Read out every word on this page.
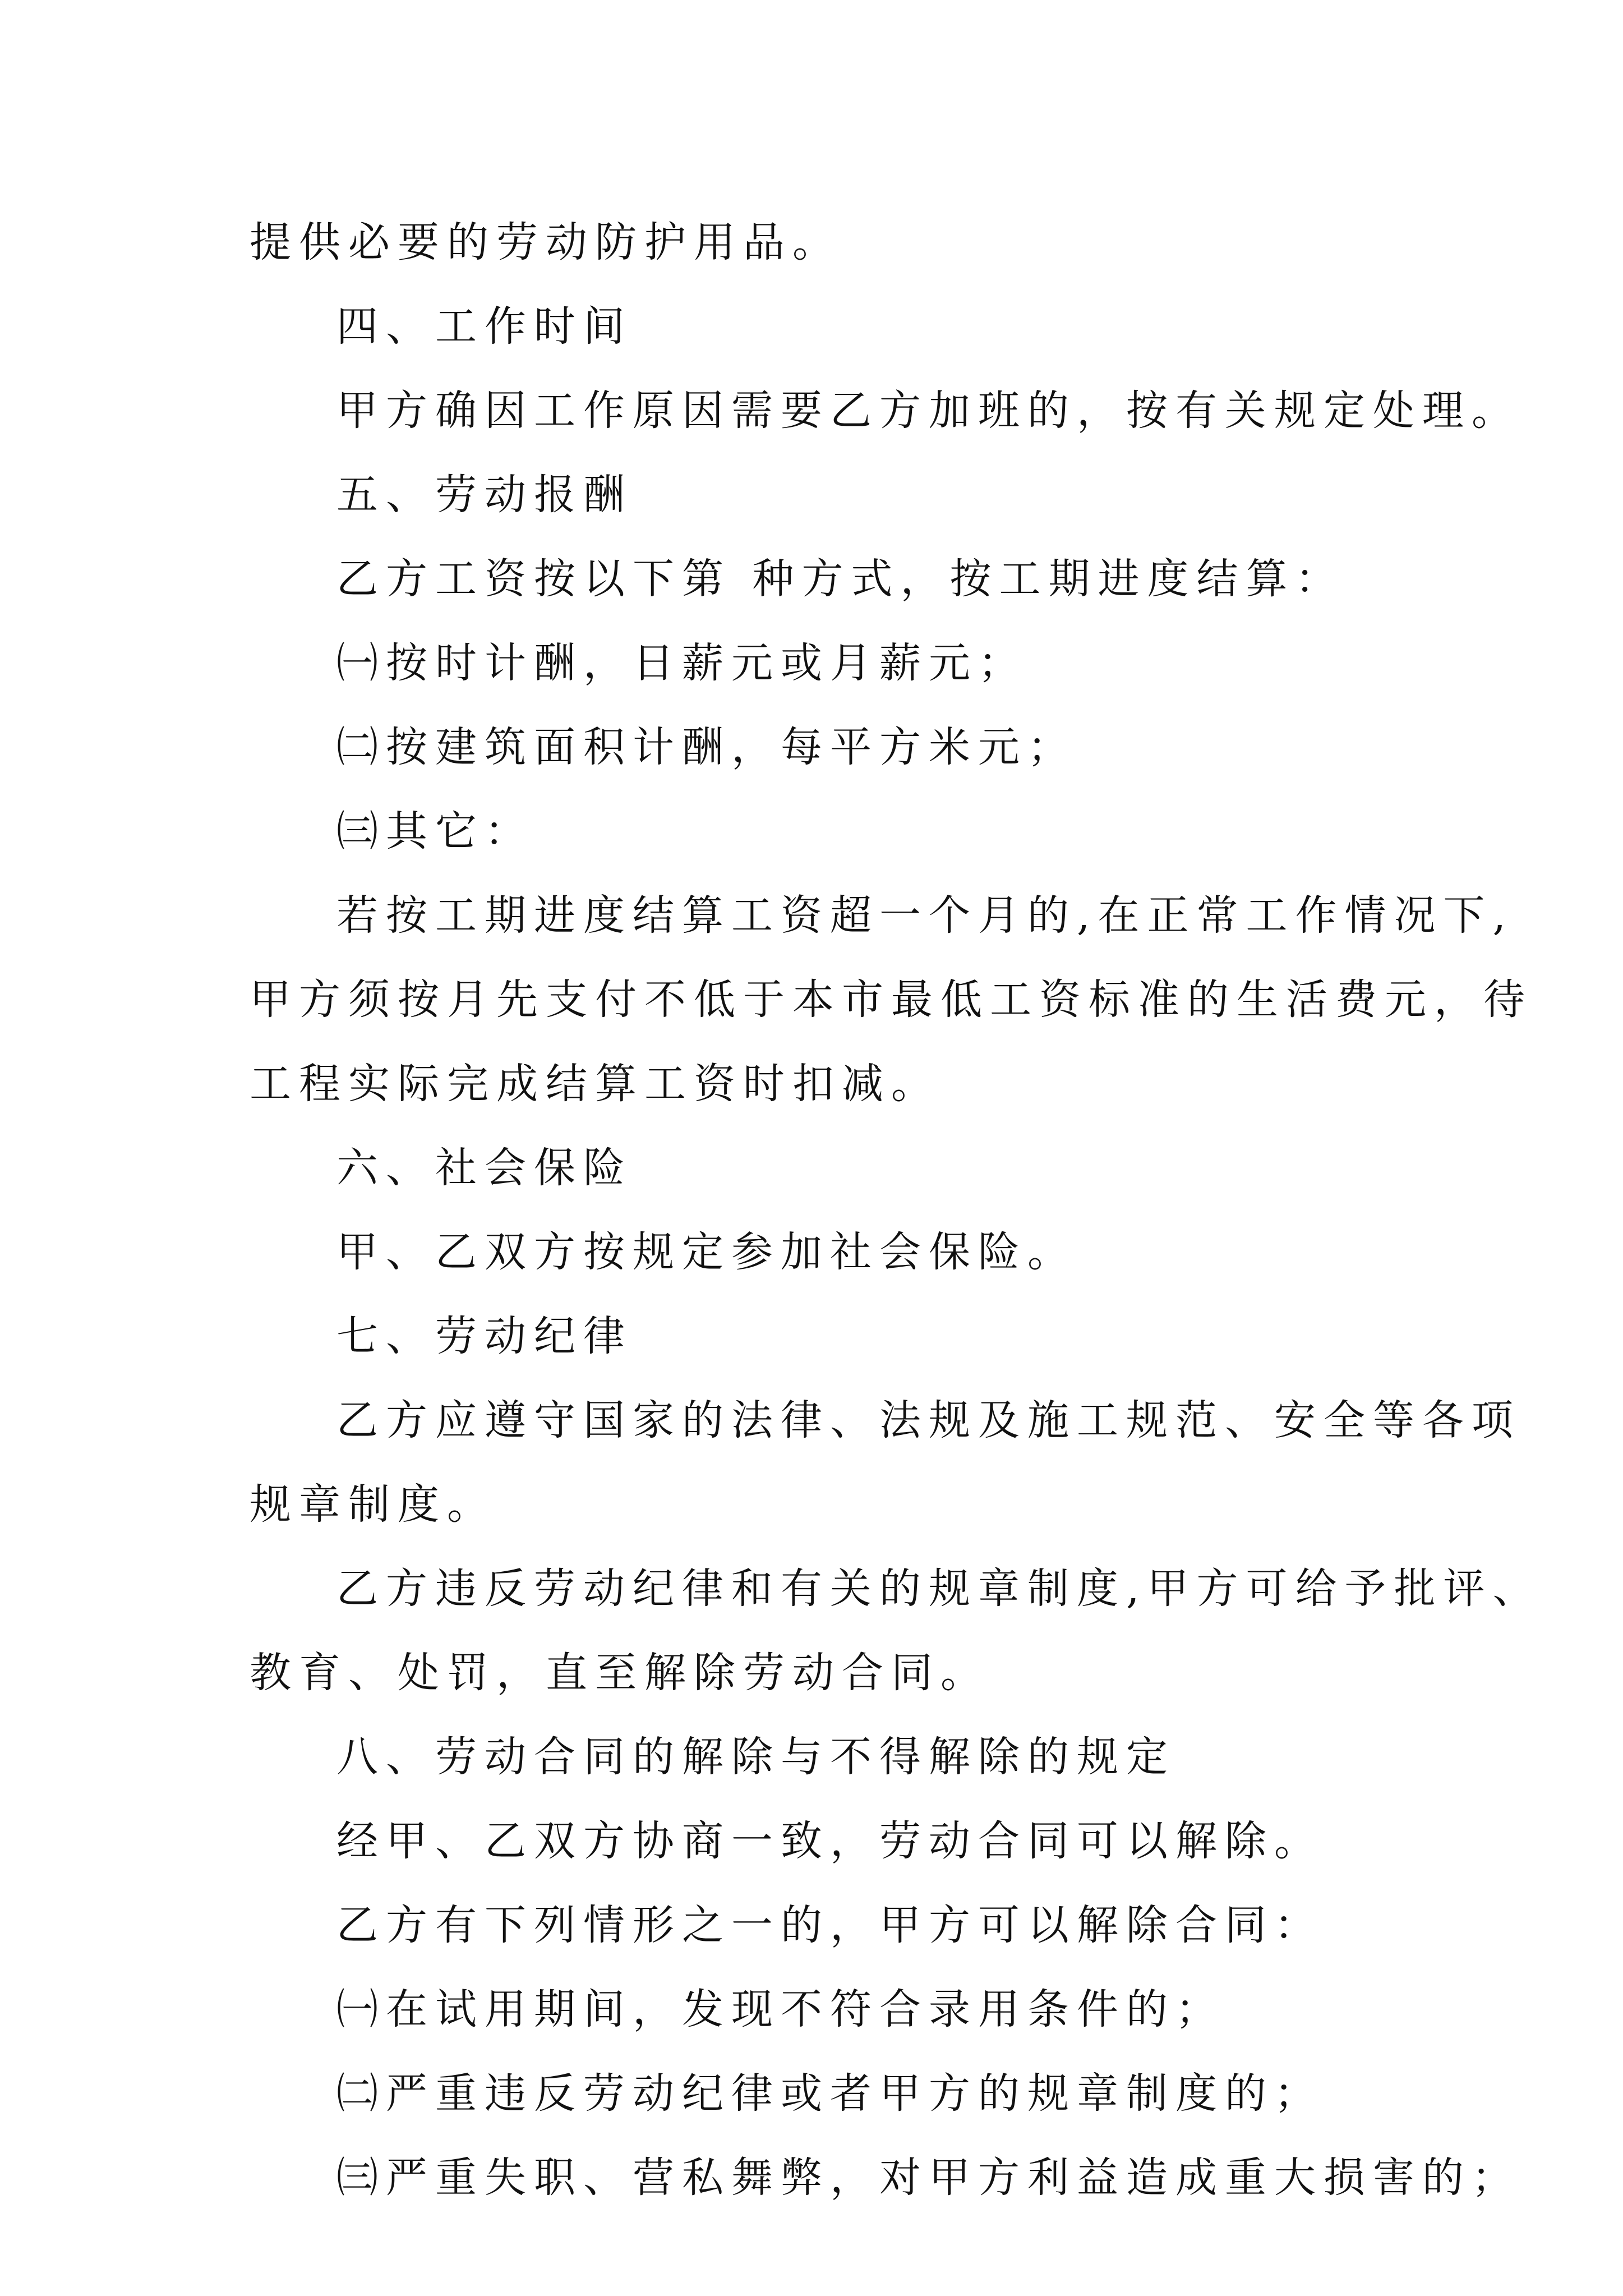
提供必要的劳动防护用品。
四、工作时间
甲方确因工作原因需要乙方加班的，按有关规定处理。
五、劳动报酬
乙方工资按以下第 种方式，按工期进度结算：
㈠按时计酬，日薪元或月薪元；
㈡按建筑面积计酬，每平方米元；
㈢其它：
若按工期进度结算工资超一个月的,在正常工作情况下,
甲方须按月先支付不低于本市最低工资标准的生活费元，待
工程实际完成结算工资时扣减。
六、社会保险
甲、乙双方按规定参加社会保险。
七、劳动纪律
乙方应遵守国家的法律、法规及施工规范、安全等各项
规章制度。
乙方违反劳动纪律和有关的规章制度,甲方可给予批评、
教育、处罚，直至解除劳动合同。
八、劳动合同的解除与不得解除的规定
经甲、乙双方协商一致，劳动合同可以解除。
乙方有下列情形之一的，甲方可以解除合同：
㈠在试用期间，发现不符合录用条件的；
㈡严重违反劳动纪律或者甲方的规章制度的；
㈢严重失职、营私舞弊，对甲方利益造成重大损害的；
